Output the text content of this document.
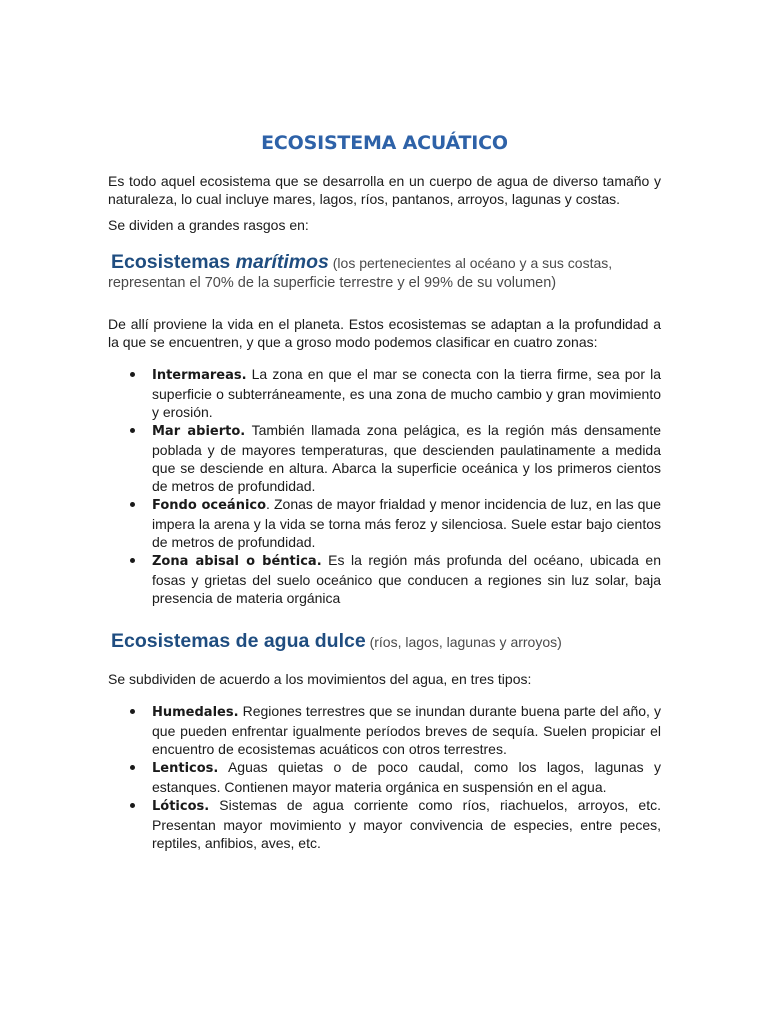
ECOSISTEMA ACUÁTICO

Es todo aquel ecosistema que se desarrolla en un cuerpo de agua de diverso tamaño y naturaleza, lo cual incluye mares, lagos, ríos, pantanos, arroyos, lagunas y costas.

Se dividen a grandes rasgos en:

Ecosistemas marítimos (los pertenecientes al océano y a sus costas,
representan el 70% de la superficie terrestre y el 99% de su volumen)

De allí proviene la vida en el planeta. Estos ecosistemas se adaptan a la profundidad a la que se encuentren, y que a groso modo podemos clasificar en cuatro zonas:

Intermareas. La zona en que el mar se conecta con la tierra firme, sea por la superficie o subterráneamente, es una zona de mucho cambio y gran movimiento y erosión.
Mar abierto. También llamada zona pelágica, es la región más densamente poblada y de mayores temperaturas, que descienden paulatinamente a medida que se desciende en altura. Abarca la superficie oceánica y los primeros cientos de metros de profundidad.
Fondo oceánico. Zonas de mayor frialdad y menor incidencia de luz, en las que impera la arena y la vida se torna más feroz y silenciosa. Suele estar bajo cientos de metros de profundidad.
Zona abisal o béntica. Es la región más profunda del océano, ubicada en fosas y grietas del suelo oceánico que conducen a regiones sin luz solar, baja presencia de materia orgánica
Ecosistemas de agua dulce (ríos, lagos, lagunas y arroyos)

Se subdividen de acuerdo a los movimientos del agua, en tres tipos:

Humedales. Regiones terrestres que se inundan durante buena parte del año, y que pueden enfrentar igualmente períodos breves de sequía. Suelen propiciar el encuentro de ecosistemas acuáticos con otros terrestres.
Lenticos. Aguas quietas o de poco caudal, como los lagos, lagunas y estanques. Contienen mayor materia orgánica en suspensión en el agua.
Lóticos. Sistemas de agua corriente como ríos, riachuelos, arroyos, etc. Presentan mayor movimiento y mayor convivencia de especies, entre peces, reptiles, anfibios, aves, etc.
